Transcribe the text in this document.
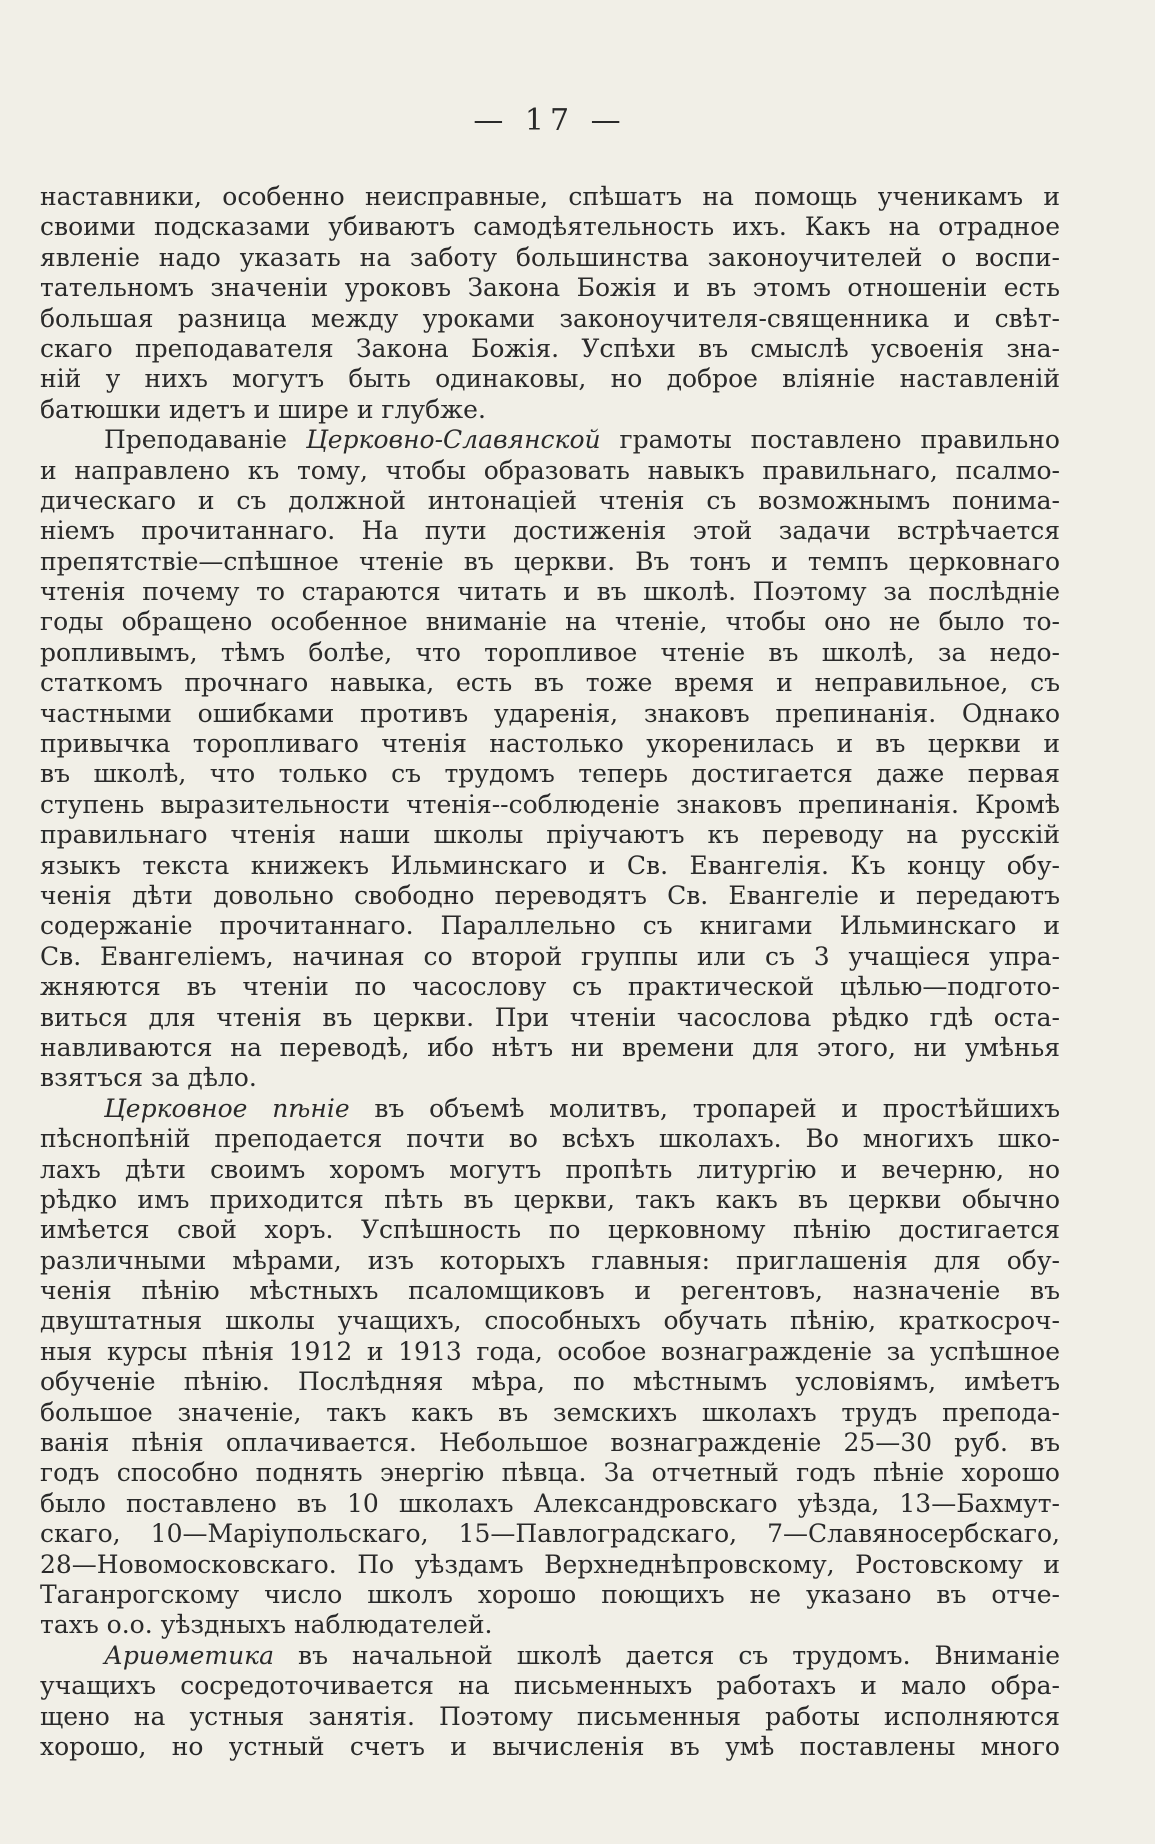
— 17 —
наставники, особенно неисправные, спѣшатъ на помощь ученикамъ и
своими подсказами убиваютъ самодѣятельность ихъ. Какъ на отрадное
явленіе надо указать на заботу большинства законоучителей о воспи-
тательномъ значеніи уроковъ Закона Божія и въ этомъ отношеніи есть
большая разница между уроками законоучителя-священника и свѣт-
скаго преподавателя Закона Божія. Успѣхи въ смыслѣ усвоенія зна-
ній у нихъ могутъ быть одинаковы, но доброе вліяніе наставленій
батюшки идетъ и шире и глубже.
Преподаваніе Церковно-Славянской грамоты поставлено правильно
и направлено къ тому, чтобы образовать навыкъ правильнаго, псалмо-
дическаго и съ должной интонаціей чтенія съ возможнымъ понима-
ніемъ прочитаннаго. На пути достиженія этой задачи встрѣчается
препятствіе—спѣшное чтеніе въ церкви. Въ тонъ и темпъ церковнаго
чтенія почему то стараются читать и въ школѣ. Поэтому за послѣдніе
годы обращено особенное вниманіе на чтеніе, чтобы оно не было то-
ропливымъ, тѣмъ болѣе, что торопливое чтеніе въ школѣ, за недо-
статкомъ прочнаго навыка, есть въ тоже время и неправильное, съ
частными ошибками противъ ударенія, знаковъ препинанія. Однако
привычка торопливаго чтенія настолько укоренилась и въ церкви и
въ школѣ, что только съ трудомъ теперь достигается даже первая
ступень выразительности чтенія--соблюденіе знаковъ препинанія. Кромѣ
правильнаго чтенія наши школы пріучаютъ къ переводу на русскій
языкъ текста книжекъ Ильминскаго и Св. Евангелія. Къ концу обу-
ченія дѣти довольно свободно переводятъ Св. Евангеліе и передаютъ
содержаніе прочитаннаго. Параллельно съ книгами Ильминскаго и
Св. Евангеліемъ, начиная со второй группы или съ 3 учащіеся упра-
жняются въ чтеніи по часослову съ практической цѣлью—подгото-
виться для чтенія въ церкви. При чтеніи часослова рѣдко гдѣ оста-
навливаются на переводѣ, ибо нѣтъ ни времени для этого, ни умѣнья
взятъся за дѣло.
Церковное пѣніе въ объемѣ молитвъ, тропарей и простѣйшихъ
пѣснопѣній преподается почти во всѣхъ школахъ. Во многихъ шко-
лахъ дѣти своимъ хоромъ могутъ пропѣть литургію и вечерню, но
рѣдко имъ приходится пѣть въ церкви, такъ какъ въ церкви обычно
имѣется свой хоръ. Успѣшность по церковному пѣнію достигается
различными мѣрами, изъ которыхъ главныя: приглашенія для обу-
ченія пѣнію мѣстныхъ псаломщиковъ и регентовъ, назначеніе въ
двуштатныя школы учащихъ, способныхъ обучать пѣнію, краткосроч-
ныя курсы пѣнія 1912 и 1913 года, особое вознагражденіе за успѣшное
обученіе пѣнію. Послѣдняя мѣра, по мѣстнымъ условіямъ, имѣетъ
большое значеніе, такъ какъ въ земскихъ школахъ трудъ препода-
ванія пѣнія оплачивается. Небольшое вознагражденіе 25—30 руб. въ
годъ способно поднять энергію пѣвца. За отчетный годъ пѣніе хорошо
было поставлено въ 10 школахъ Александровскаго уѣзда, 13—Бахмут-
скаго, 10—Маріупольскаго, 15—Павлоградскаго, 7—Славяносербскаго,
28—Новомосковскаго. По уѣздамъ Верхнеднѣпровскому, Ростовскому и
Таганрогскому число школъ хорошо поющихъ не указано въ отче-
тахъ о.о. уѣздныхъ наблюдателей.
Ариѳметика въ начальной школѣ дается съ трудомъ. Вниманіе
учащихъ сосредоточивается на письменныхъ работахъ и мало обра-
щено на устныя занятія. Поэтому письменныя работы исполняются
хорошо, но устный счетъ и вычисленія въ умѣ поставлены много
